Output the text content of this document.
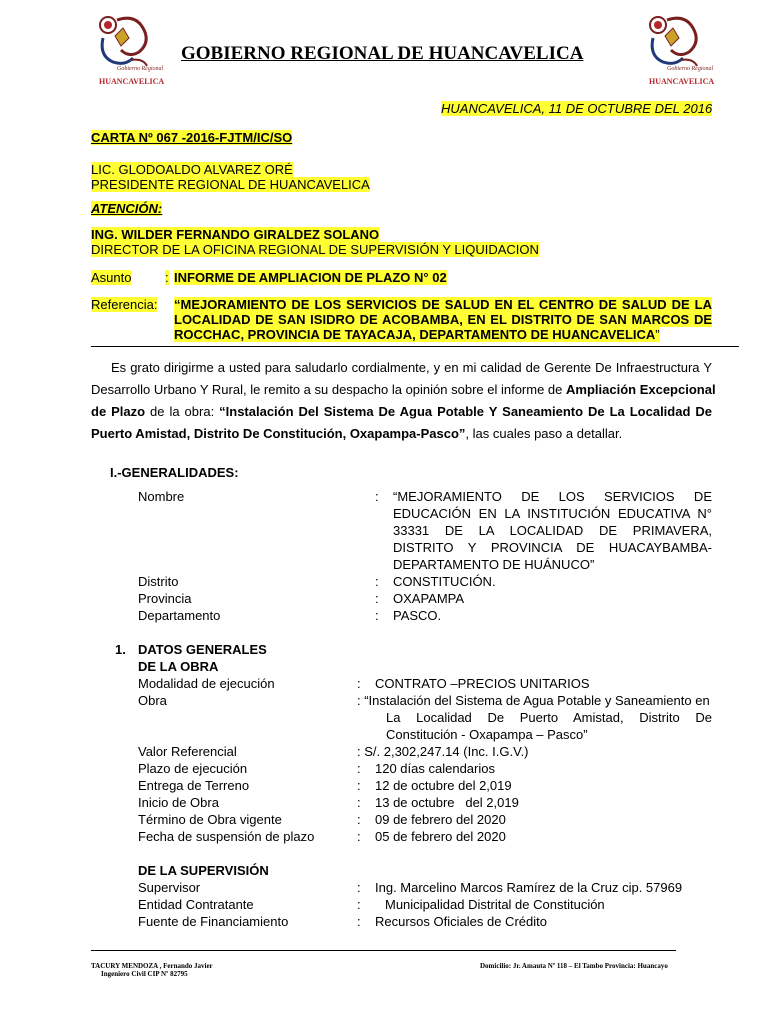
Gobierno Regional
HUANCAVELICA
Gobierno Regional
HUANCAVELICA
GOBIERNO REGIONAL DE HUANCAVELICA
HUANCAVELICA, 11 DE OCTUBRE DEL 2016
CARTA Nº 067 -2016-FJTM/IC/SO
LIC. GLODOALDO ALVAREZ ORÉ
PRESIDENTE REGIONAL DE HUANCAVELICA
ATENCIÓN:
ING. WILDER FERNANDO GIRALDEZ SOLANO
DIRECTOR DE LA OFICINA REGIONAL DE SUPERVISIÓN Y LIQUIDACION
Asunto	: INFORME DE AMPLIACION DE PLAZO N° 02
Referencia: “MEJORAMIENTO DE LOS SERVICIOS DE SALUD EN EL CENTRO DE SALUD DE LA
LOCALIDAD DE SAN ISIDRO DE ACOBAMBA, EN EL DISTRITO DE SAN MARCOS DE
ROCCHAC, PROVINCIA DE TAYACAJA, DEPARTAMENTO DE HUANCAVELICA”
Es grato dirigirme a usted para saludarlo cordialmente, y en mi calidad de Gerente De Infraestructura Y
Desarrollo Urbano Y Rural, le remito a su despacho la opinión sobre el informe de Ampliación Excepcional
de Plazo de la obra: “Instalación Del Sistema De Agua Potable Y Saneamiento De La Localidad De
Puerto Amistad, Distrito De Constitución, Oxapampa-Pasco”, las cuales paso a detallar.
I.-GENERALIDADES:
Nombre	: “MEJORAMIENTO DE LOS SERVICIOS DE
EDUCACIÓN EN LA INSTITUCIÓN EDUCATIVA N°
33331 DE LA LOCALIDAD DE PRIMAVERA,
DISTRITO Y PROVINCIA DE HUACAYBAMBA-
DEPARTAMENTO DE HUÁNUCO”
Distrito	: CONSTITUCIÓN.
Provincia	: OXAPAMPA
Departamento	: PASCO.
1. DATOS GENERALES
DE LA OBRA
Modalidad de ejecución	: CONTRATO –PRECIOS UNITARIOS
Obra	: “Instalación del Sistema de Agua Potable y Saneamiento en
La Localidad De Puerto Amistad, Distrito De
Constitución - Oxapampa – Pasco”
Valor Referencial	: S/. 2,302,247.14 (Inc. I.G.V.)
Plazo de ejecución	: 120 días calendarios
Entrega de Terreno	: 12 de octubre del 2,019
Inicio de Obra	: 13 de octubre   del 2,019
Término de Obra vigente	: 09 de febrero del 2020
Fecha de suspensión de plazo	: 05 de febrero del 2020
DE LA SUPERVISIÓN
Supervisor	: Ing. Marcelino Marcos Ramírez de la Cruz cip. 57969
Entidad Contratante	: Municipalidad Distrital de Constitución
Fuente de Financiamiento	: Recursos Oficiales de Crédito
TACURY MENDOZA , Fernando Javier
Ingeniero Civil CIP Nº 82795
Domicilio: Jr. Amauta Nº 118 – El Tambo Provincia: Huancayo
